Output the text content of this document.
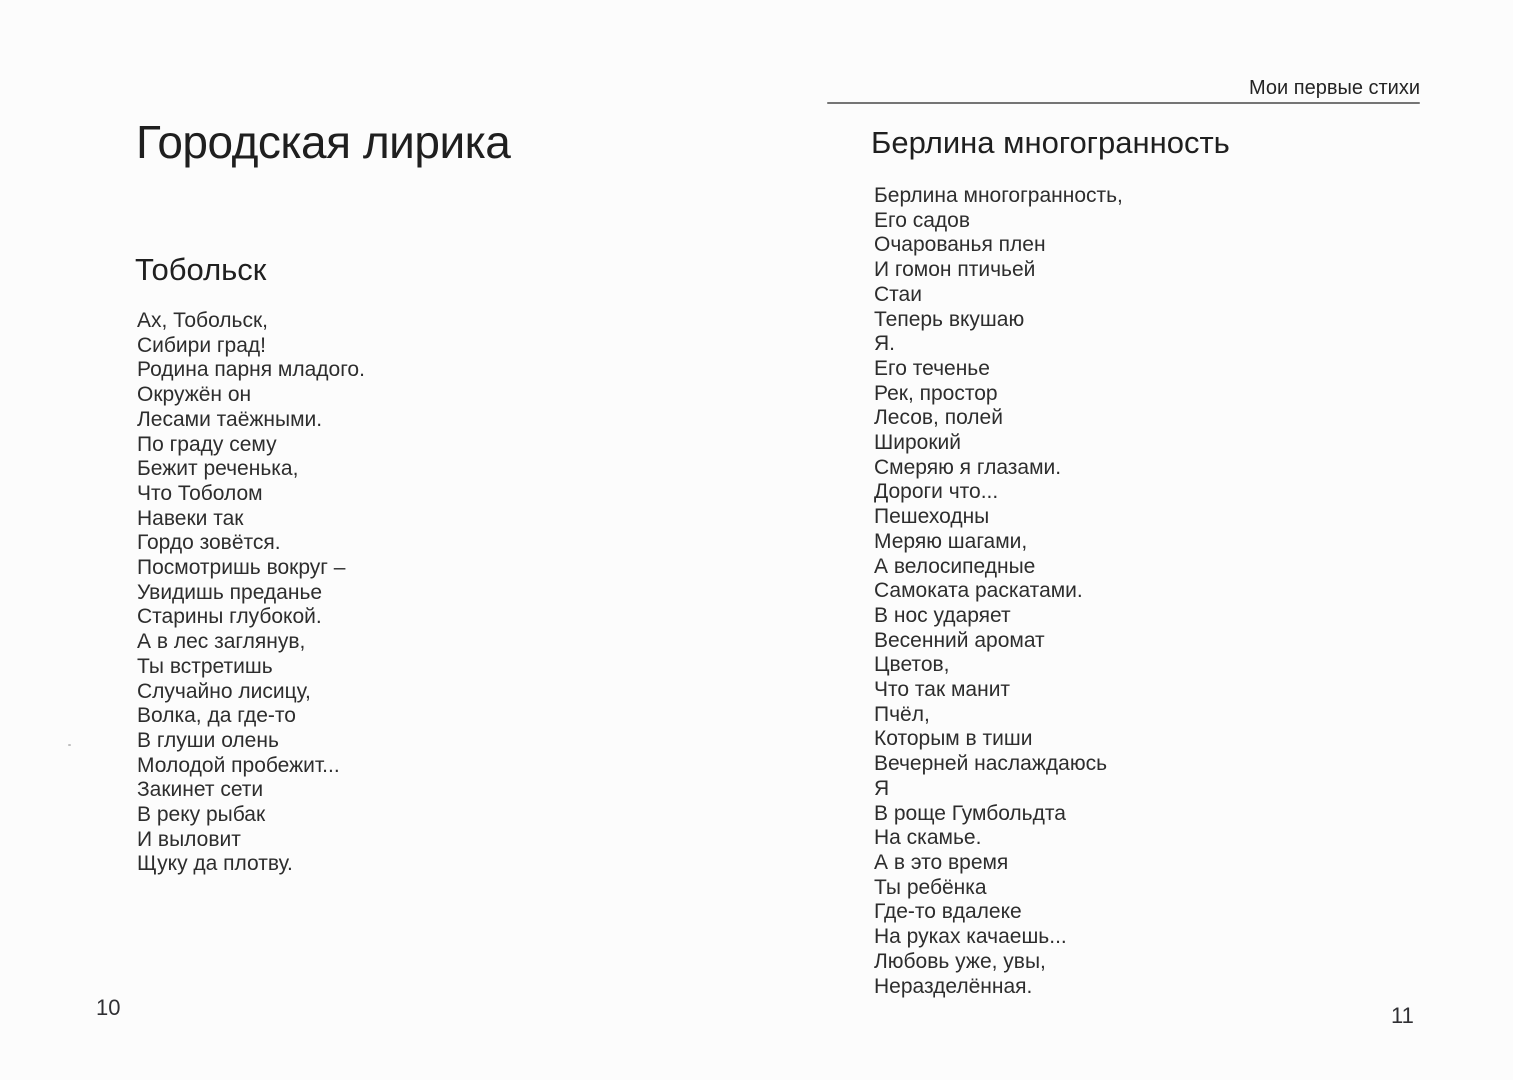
Городская лирика
Тобольск
Ах, Тобольск,
Сибири град!
Родина парня младого.
Окружён он
Лесами таёжными.
По граду сему
Бежит реченька,
Что Тоболом
Навеки так
Гордо зовётся.
Посмотришь вокруг –
Увидишь преданье
Старины глубокой.
А в лес заглянув,
Ты встретишь
Случайно лисицу,
Волка, да где-то
В глуши олень
Молодой пробежит...
Закинет сети
В реку рыбак
И выловит
Щуку да плотву.
10
Мои первые стихи
Берлина многогранность
Берлина многогранность,
Его садов
Очарованья плен
И гомон птичьей
Стаи
Теперь вкушаю
Я.
Его теченье
Рек, простор
Лесов, полей
Широкий
Смеряю я глазами.
Дороги что...
Пешеходны
Меряю шагами,
А велосипедные
Самоката раскатами.
В нос ударяет
Весенний аромат
Цветов,
Что так манит
Пчёл,
Которым в тиши
Вечерней наслаждаюсь
Я
В роще Гумбольдта
На скамье.
А в это время
Ты ребёнка
Где-то вдалеке
На руках качаешь...
Любовь уже, увы,
Неразделённая.
11
